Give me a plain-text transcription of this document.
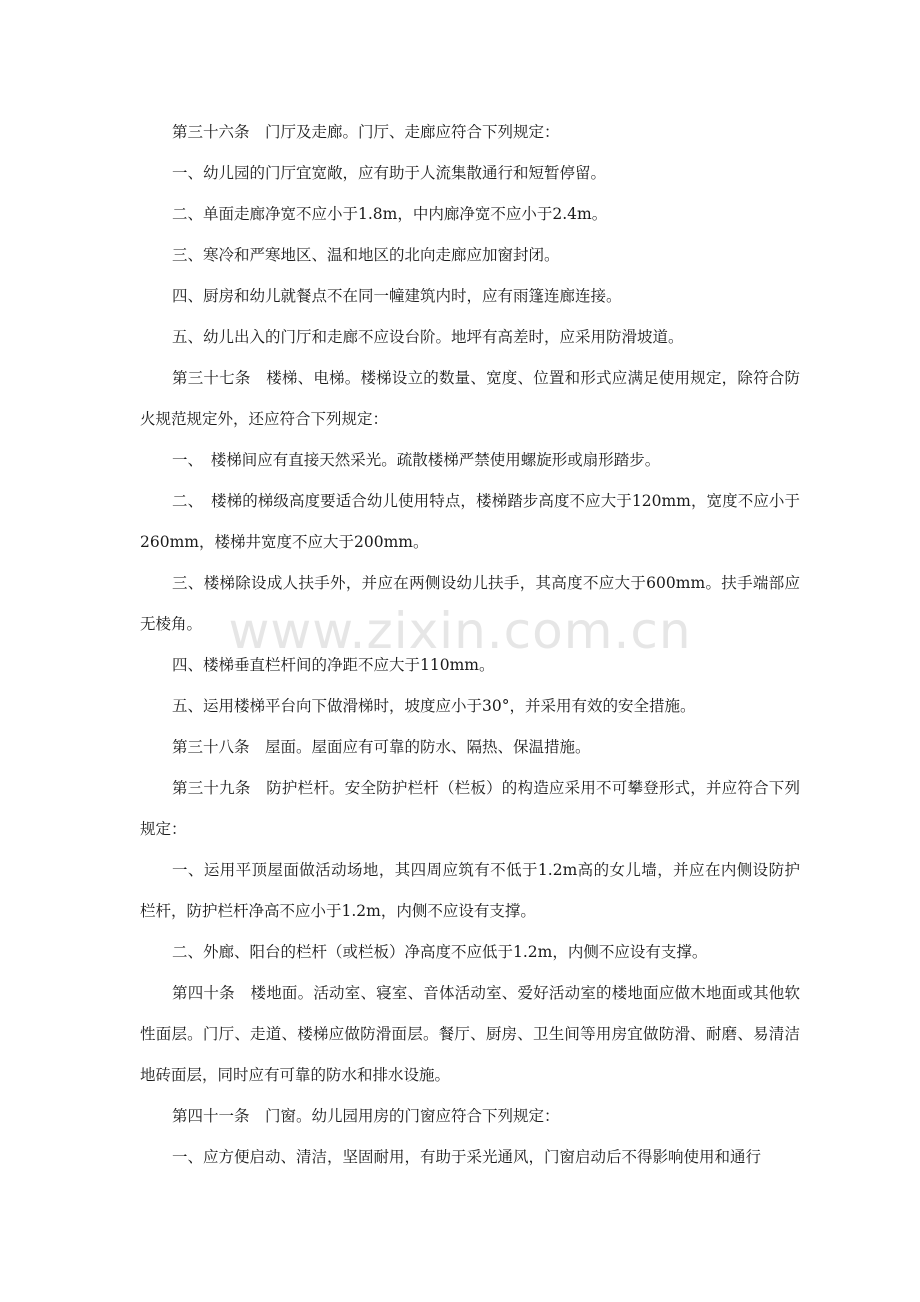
第三十六条　门厅及走廊。门厅、走廊应符合下列规定：

一、幼儿园的门厅宜宽敞，应有助于人流集散通行和短暂停留。

二、单面走廊净宽不应小于1.8m，中内廊净宽不应小于2.4m。

三、寒冷和严寒地区、温和地区的北向走廊应加窗封闭。

四、厨房和幼儿就餐点不在同一幢建筑内时，应有雨篷连廊连接。

五、幼儿出入的门厅和走廊不应设台阶。地坪有高差时，应采用防滑坡道。

第三十七条　楼梯、电梯。楼梯设立的数量、宽度、位置和形式应满足使用规定，除符合防火规范规定外，还应符合下列规定：

一、　楼梯间应有直接天然采光。疏散楼梯严禁使用螺旋形或扇形踏步。

二、　楼梯的梯级高度要适合幼儿使用特点，楼梯踏步高度不应大于120mm，宽度不应小于260mm，楼梯井宽度不应大于200mm。

三、楼梯除设成人扶手外，并应在两侧设幼儿扶手，其高度不应大于600mm。扶手端部应无棱角。

四、楼梯垂直栏杆间的净距不应大于110mm。

五、运用楼梯平台向下做滑梯时，坡度应小于30°，并采用有效的安全措施。

第三十八条　屋面。屋面应有可靠的防水、隔热、保温措施。

第三十九条　防护栏杆。安全防护栏杆（栏板）的构造应采用不可攀登形式，并应符合下列规定：

一、运用平顶屋面做活动场地，其四周应筑有不低于1.2m高的女儿墙，并应在内侧设防护栏杆，防护栏杆净高不应小于1.2m，内侧不应设有支撑。

二、外廊、阳台的栏杆（或栏板）净高度不应低于1.2m，内侧不应设有支撑。

第四十条　楼地面。活动室、寝室、音体活动室、爱好活动室的楼地面应做木地面或其他软性面层。门厅、走道、楼梯应做防滑面层。餐厅、厨房、卫生间等用房宜做防滑、耐磨、易清洁地砖面层，同时应有可靠的防水和排水设施。

第四十一条　门窗。幼儿园用房的门窗应符合下列规定：

一、应方便启动、清洁，坚固耐用，有助于采光通风，门窗启动后不得影响使用和通行

www.zixin.com.cn
